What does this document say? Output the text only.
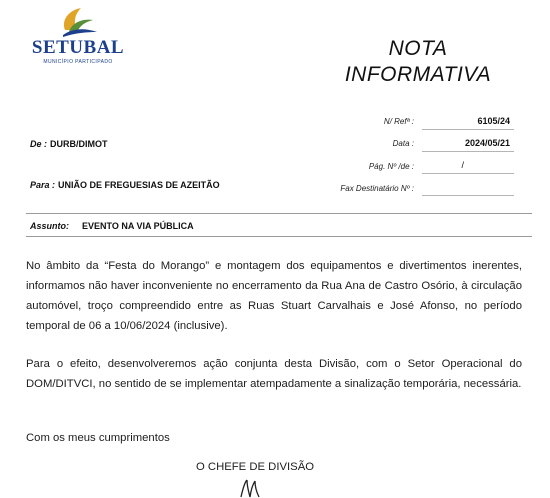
SETUBAL
MUNICÍPIO PARTICIPADO
NOTA
INFORMATIVA
N/ Refª :	6105/24
Data :	2024/05/21
Pág. Nº /de :	/
Fax Destinatário Nº :
De : DURB/DIMOT
Para : UNIÃO DE FREGUESIAS DE AZEITÃO
Assunto: EVENTO NA VIA PÚBLICA
No âmbito da “Festa do Morango” e montagem dos equipamentos e divertimentos inerentes, informamos não haver inconveniente no encerramento da Rua Ana de Castro Osório, à circulação automóvel, troço compreendido entre as Ruas Stuart Carvalhais e José Afonso, no período temporal de 06 a 10/06/2024 (inclusive).
Para o efeito, desenvolveremos ação conjunta desta Divisão, com o Setor Operacional do DOM/DITVCI, no sentido de se implementar atempadamente a sinalização temporária, necessária.
Com os meus cumprimentos
O CHEFE DE DIVISÃO
